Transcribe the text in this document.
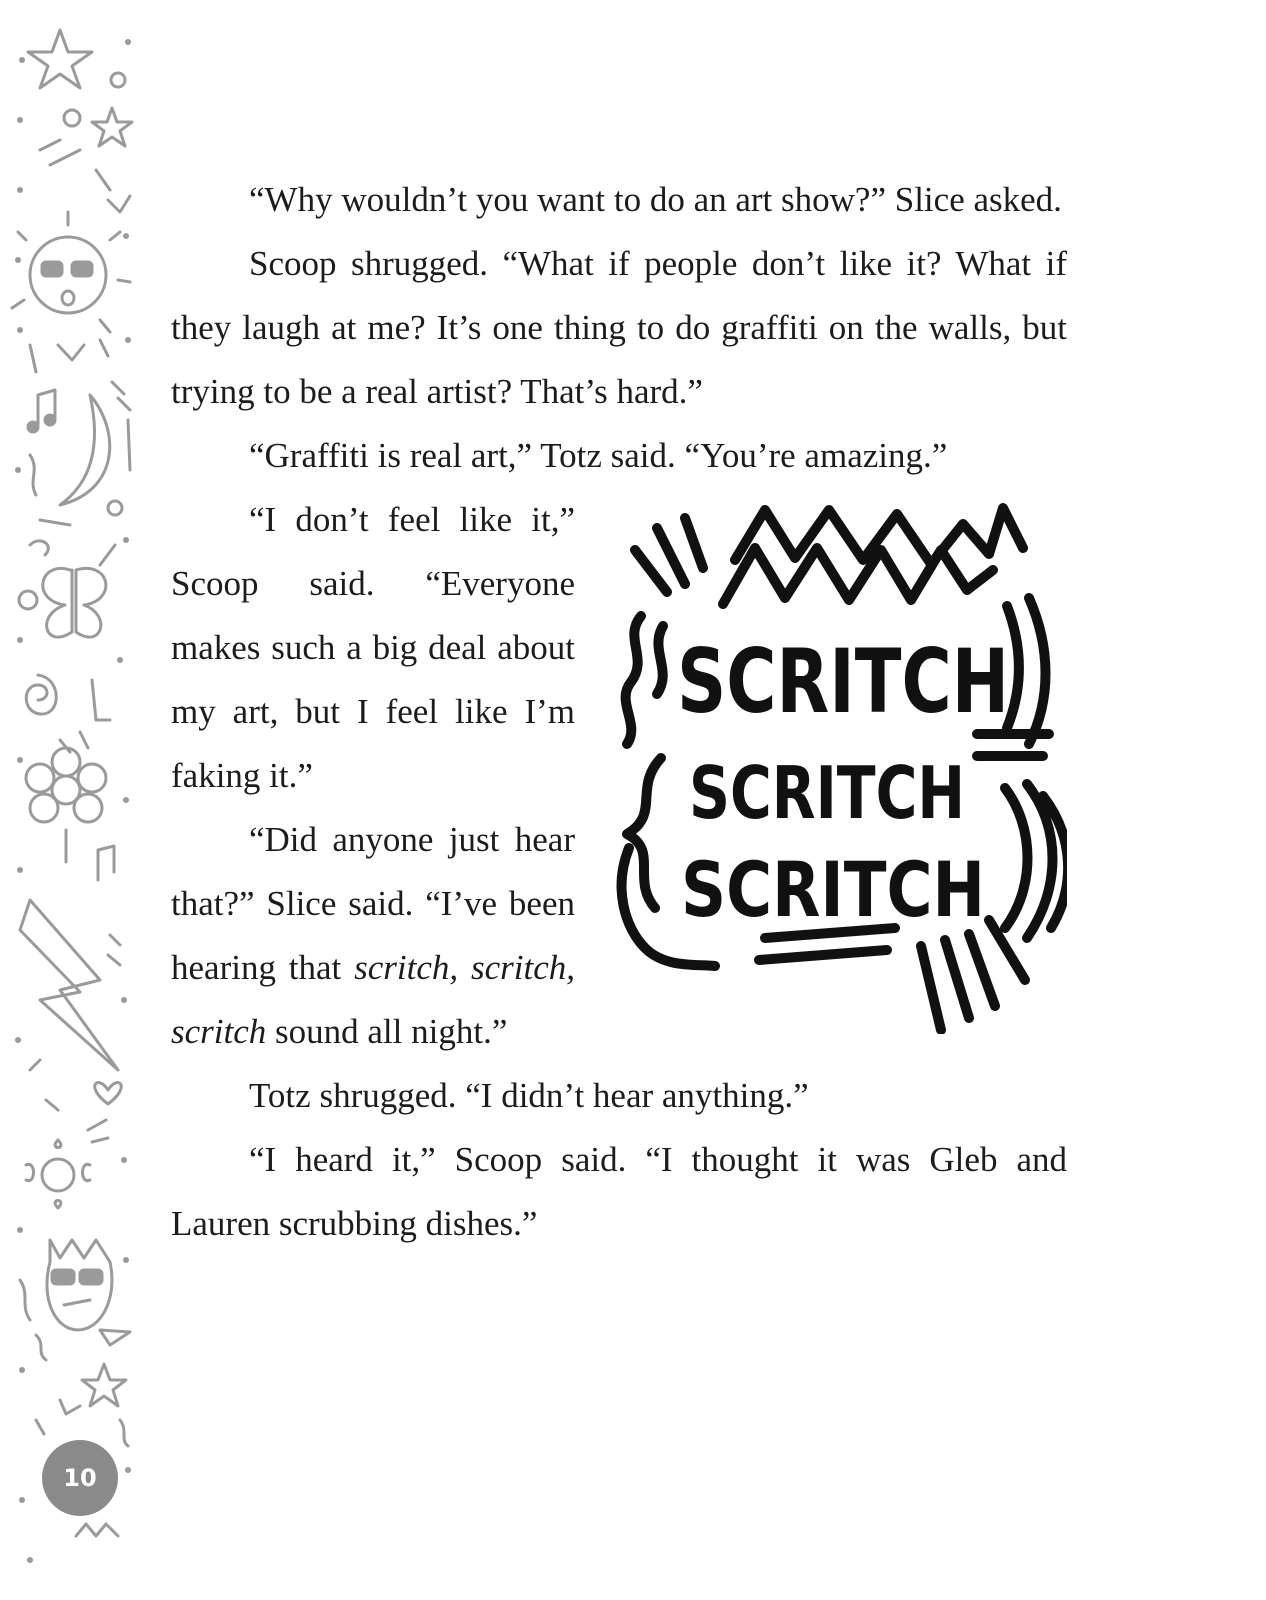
10

“Why wouldn’t you want to do an art show?” Slice asked.

Scoop shrugged. “What if people don’t like it? What if they laugh at me? It’s one thing to do graffiti on the walls, but trying to be a real artist? That’s hard.”

“Graffiti is real art,” Totz said. “You’re amazing.”

SCRITCH
SCRITCH
SCRITCH

“I don’t feel like it,” Scoop said. “Everyone makes such a big deal about my art, but I feel like I’m faking it.”

“Did anyone just hear that?” Slice said. “I’ve been hearing that scritch, scritch, scritch sound all night.”

Totz shrugged. “I didn’t hear anything.”

“I heard it,” Scoop said. “I thought it was Gleb and Lauren scrubbing dishes.”
